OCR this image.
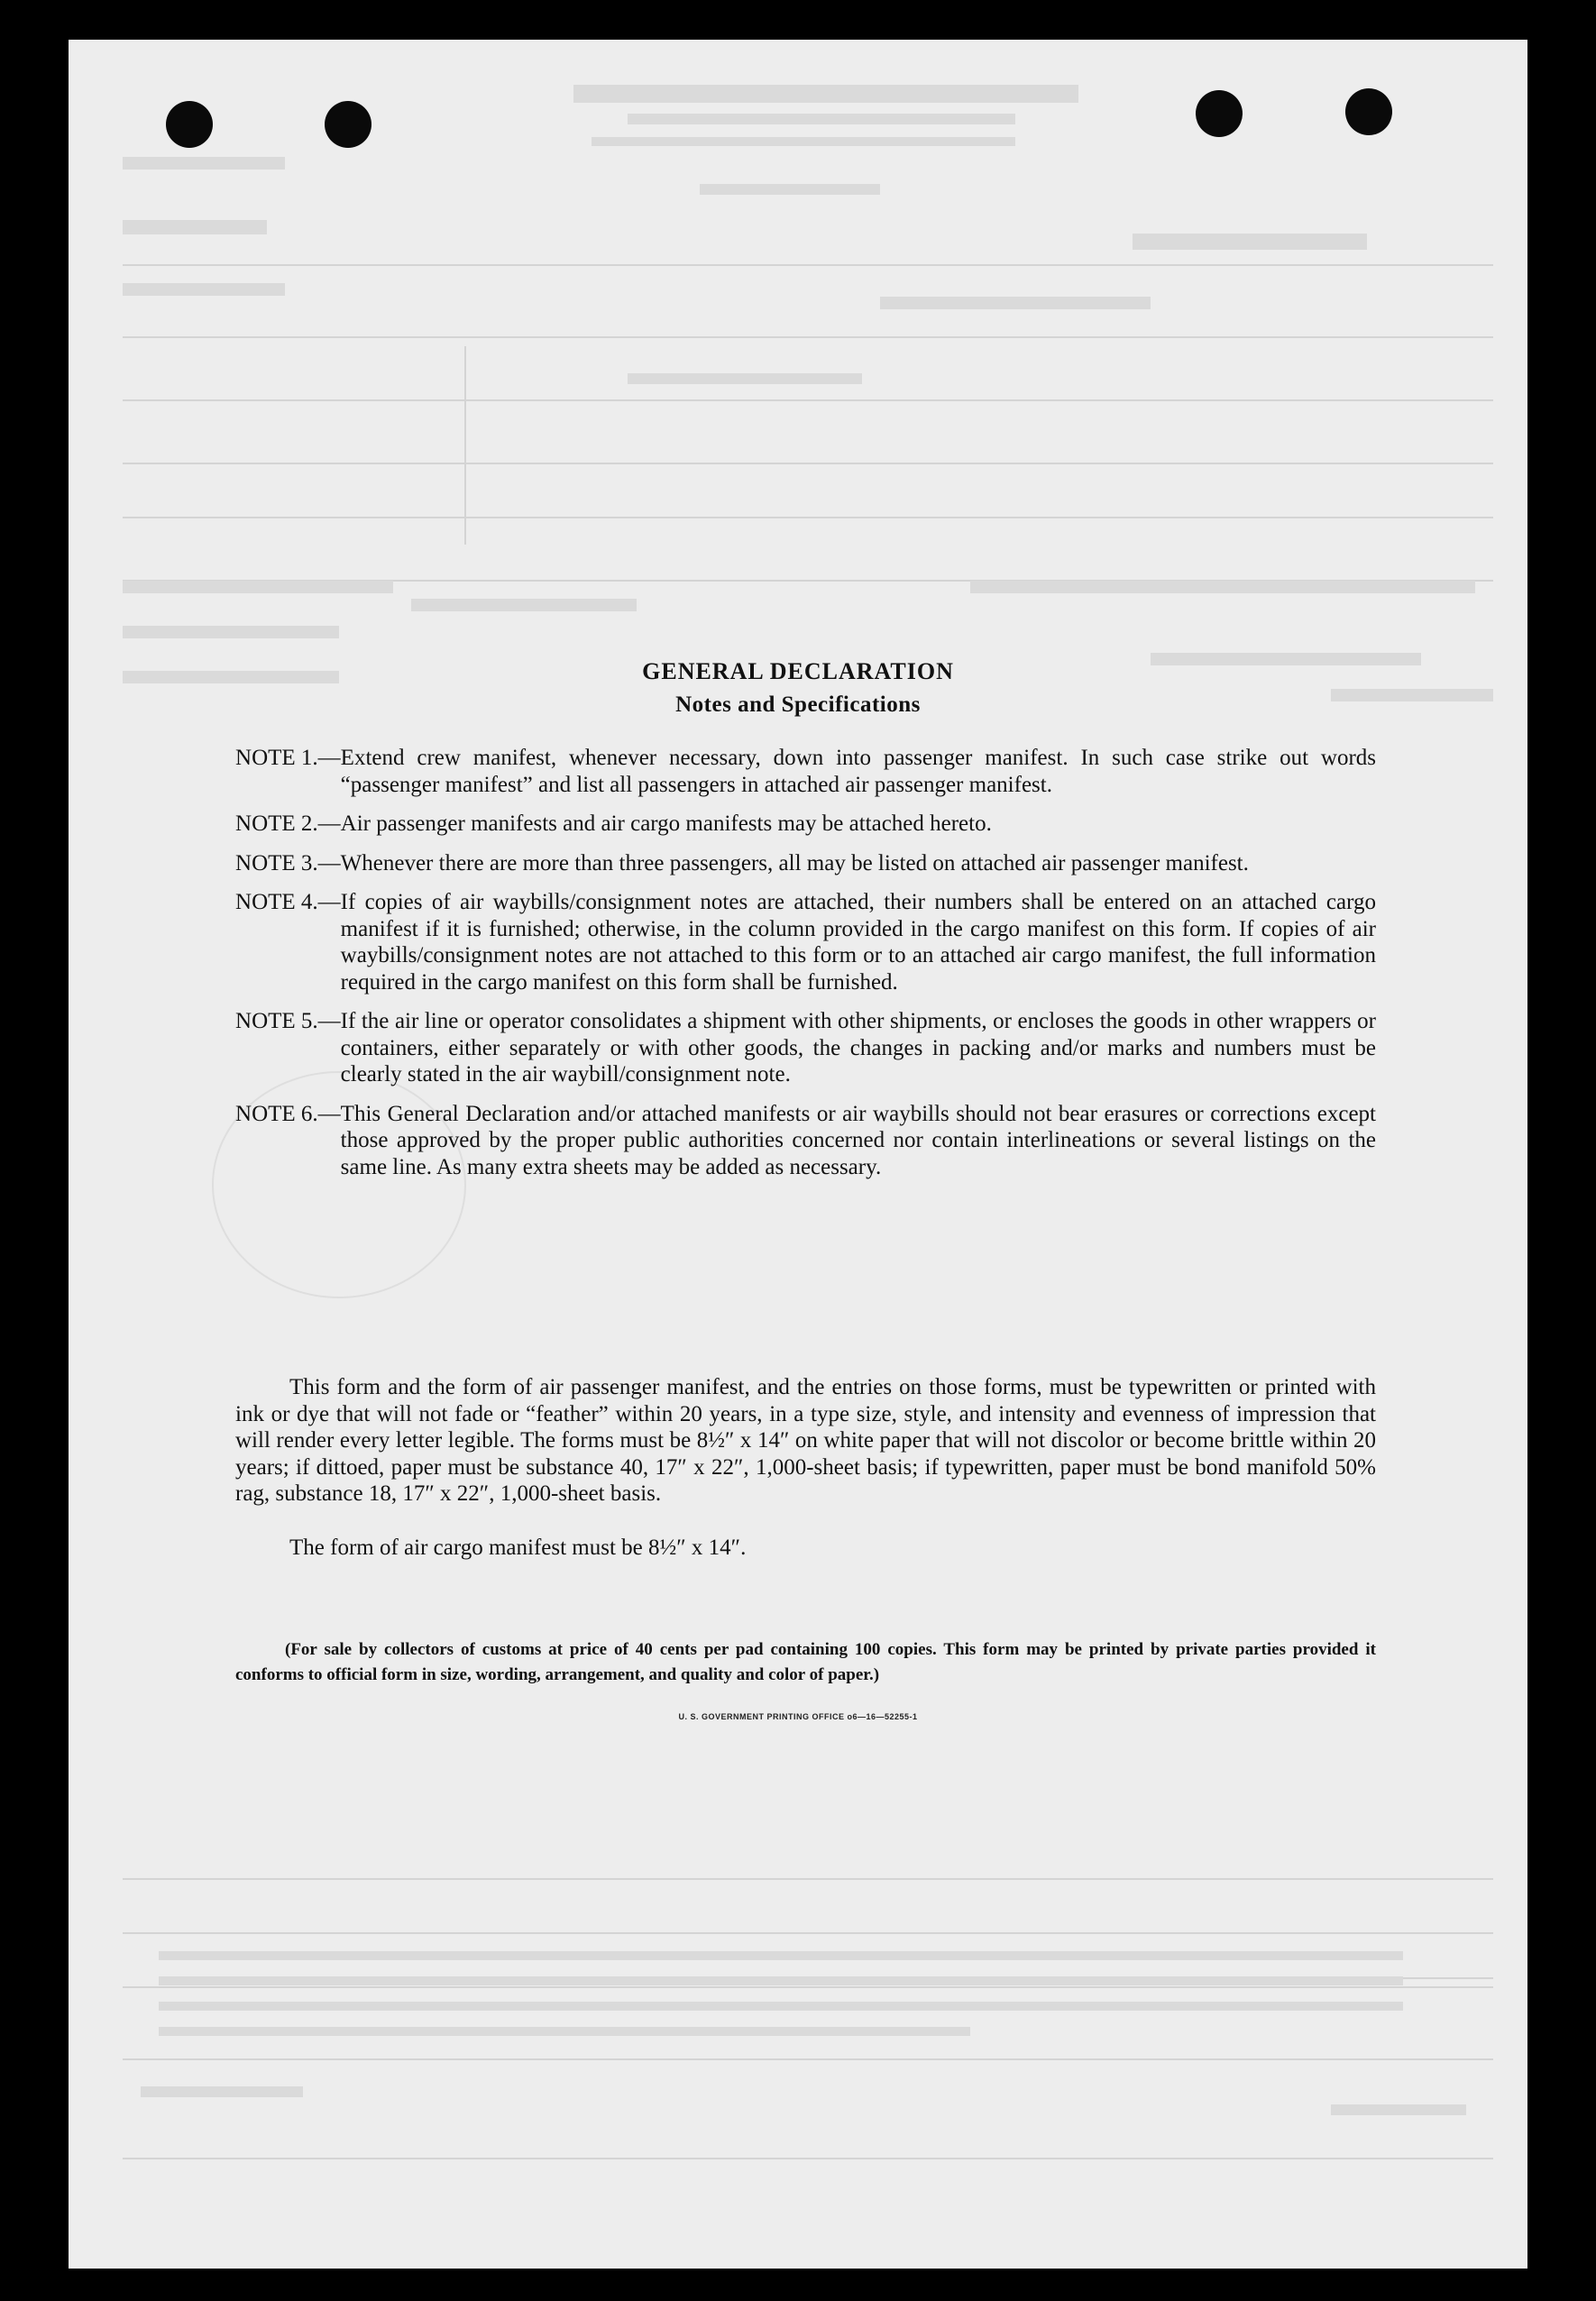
GENERAL DECLARATION
Notes and Specifications
NOTE 1.— Extend crew manifest, whenever necessary, down into passenger manifest. In such case strike out words “passenger manifest” and list all passengers in attached air passenger manifest.
NOTE 2.— Air passenger manifests and air cargo manifests may be attached hereto.
NOTE 3.— Whenever there are more than three passengers, all may be listed on attached air passenger manifest.
NOTE 4.— If copies of air waybills/consignment notes are attached, their numbers shall be entered on an attached cargo manifest if it is furnished; otherwise, in the column provided in the cargo manifest on this form. If copies of air waybills/consignment notes are not attached to this form or to an attached air cargo manifest, the full information required in the cargo manifest on this form shall be furnished.
NOTE 5.— If the air line or operator consolidates a shipment with other shipments, or encloses the goods in other wrappers or containers, either separately or with other goods, the changes in packing and/or marks and numbers must be clearly stated in the air waybill/consignment note.
NOTE 6.— This General Declaration and/or attached manifests or air waybills should not bear erasures or corrections except those approved by the proper public authorities concerned nor contain interlineations or several listings on the same line. As many extra sheets may be added as necessary.
This form and the form of air passenger manifest, and the entries on those forms, must be typewritten or printed with ink or dye that will not fade or “feather” within 20 years, in a type size, style, and intensity and evenness of impression that will render every letter legible. The forms must be 8½″ x 14″ on white paper that will not discolor or become brittle within 20 years; if dittoed, paper must be substance 40, 17″ x 22″, 1,000-sheet basis; if typewritten, paper must be bond manifold 50% rag, substance 18, 17″ x 22″, 1,000-sheet basis.
The form of air cargo manifest must be 8½″ x 14″.
(For sale by collectors of customs at price of 40 cents per pad containing 100 copies. This form may be printed by private parties provided it conforms to official form in size, wording, arrangement, and quality and color of paper.)
U. S. GOVERNMENT PRINTING OFFICE o6—16—52255-1
